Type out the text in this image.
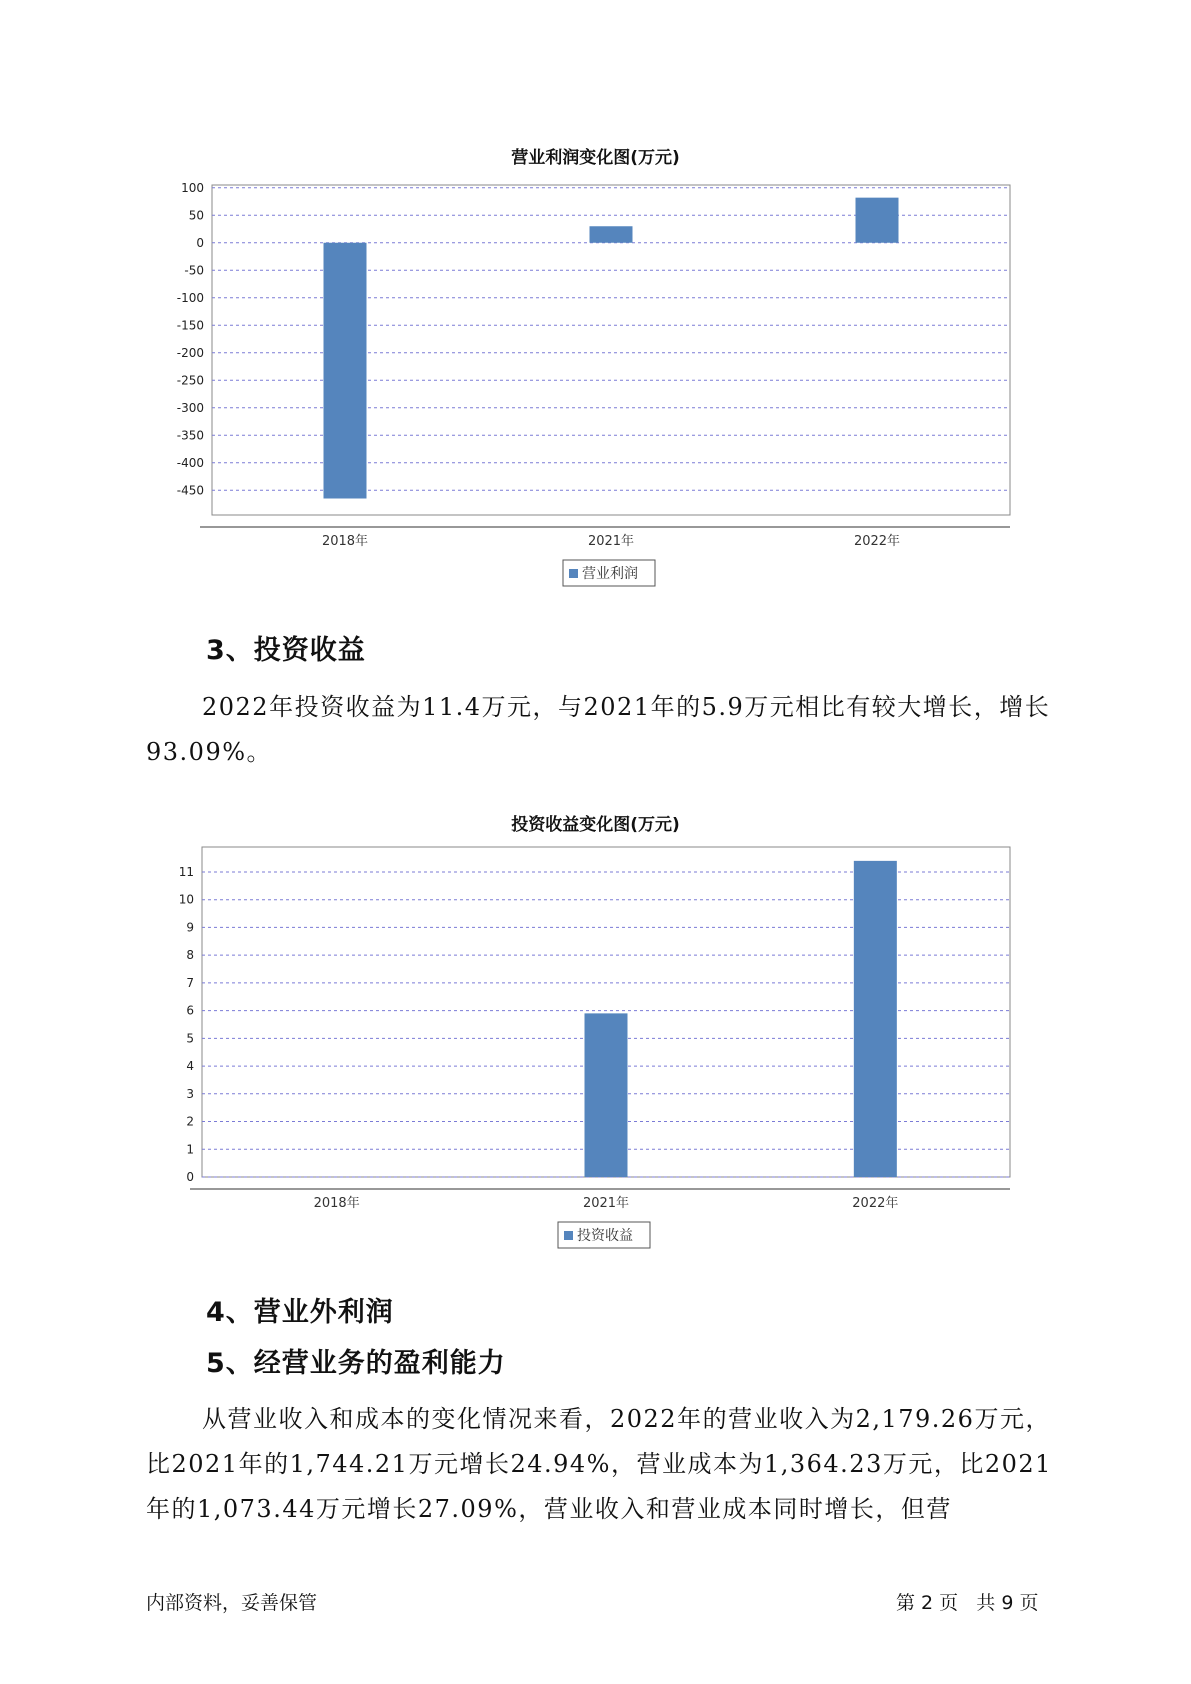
营业利润变化图(万元)
100
50
0
-50
-100
-150
-200
-250
-300
-350
-400
-450
2018年	2021年	2022年
营业利润
3、投资收益
2022年投资收益为11.4万元，与2021年的5.9万元相比有较大增长，增长93.09%。
投资收益变化图(万元)
11
10
9
8
7
6
5
4
3
2
1
0
2018年	2021年	2022年
投资收益
4、营业外利润
5、经营业务的盈利能力
从营业收入和成本的变化情况来看，2022年的营业收入为2,179.26万元，比2021年的1,744.21万元增长24.94%，营业成本为1,364.23万元，比2021年的1,073.44万元增长27.09%，营业收入和营业成本同时增长，但营
内部资料，妥善保管	第 2 页   共 9 页
